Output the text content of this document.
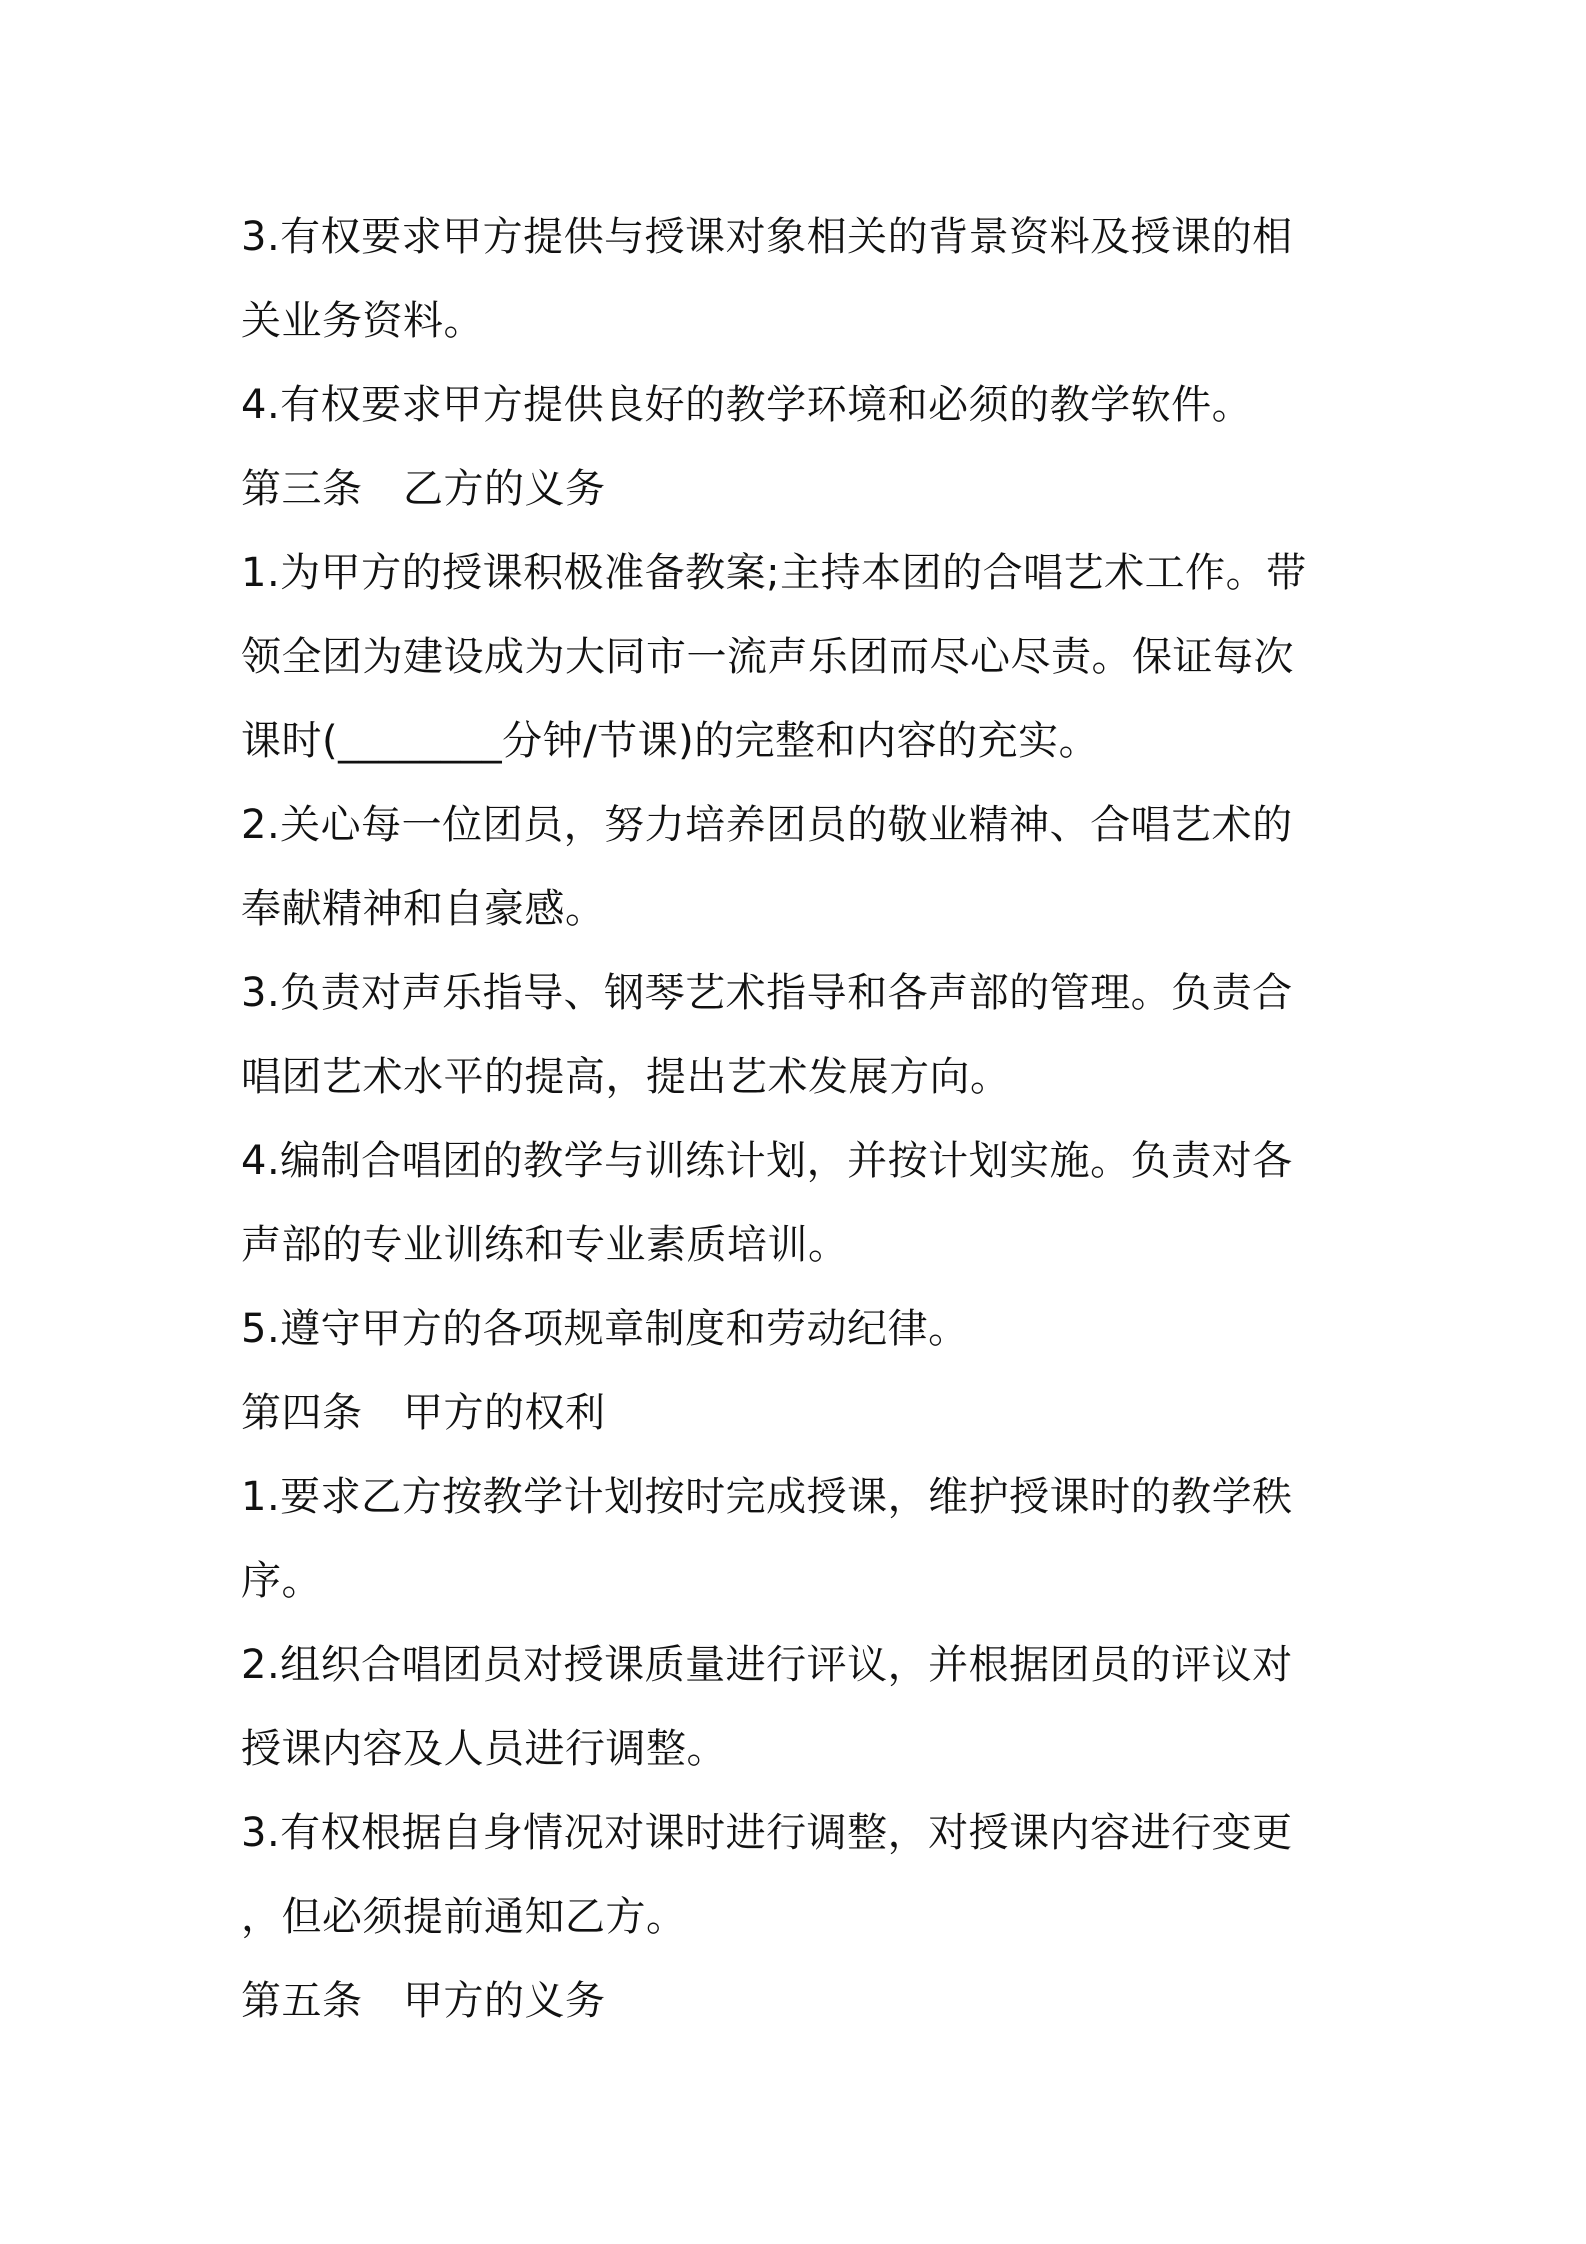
3.有权要求甲方提供与授课对象相关的背景资料及授课的相
关业务资料。
4.有权要求甲方提供良好的教学环境和必须的教学软件。
第三条　乙方的义务
1.为甲方的授课积极准备教案;主持本团的合唱艺术工作。带
领全团为建设成为大同市一流声乐团而尽心尽责。保证每次
课时(________分钟/节课)的完整和内容的充实。
2.关心每一位团员，努力培养团员的敬业精神、合唱艺术的
奉献精神和自豪感。
3.负责对声乐指导、钢琴艺术指导和各声部的管理。负责合
唱团艺术水平的提高，提出艺术发展方向。
4.编制合唱团的教学与训练计划，并按计划实施。负责对各
声部的专业训练和专业素质培训。
5.遵守甲方的各项规章制度和劳动纪律。
第四条　甲方的权利
1.要求乙方按教学计划按时完成授课，维护授课时的教学秩
序。
2.组织合唱团员对授课质量进行评议，并根据团员的评议对
授课内容及人员进行调整。
3.有权根据自身情况对课时进行调整，对授课内容进行变更
，但必须提前通知乙方。
第五条　甲方的义务
